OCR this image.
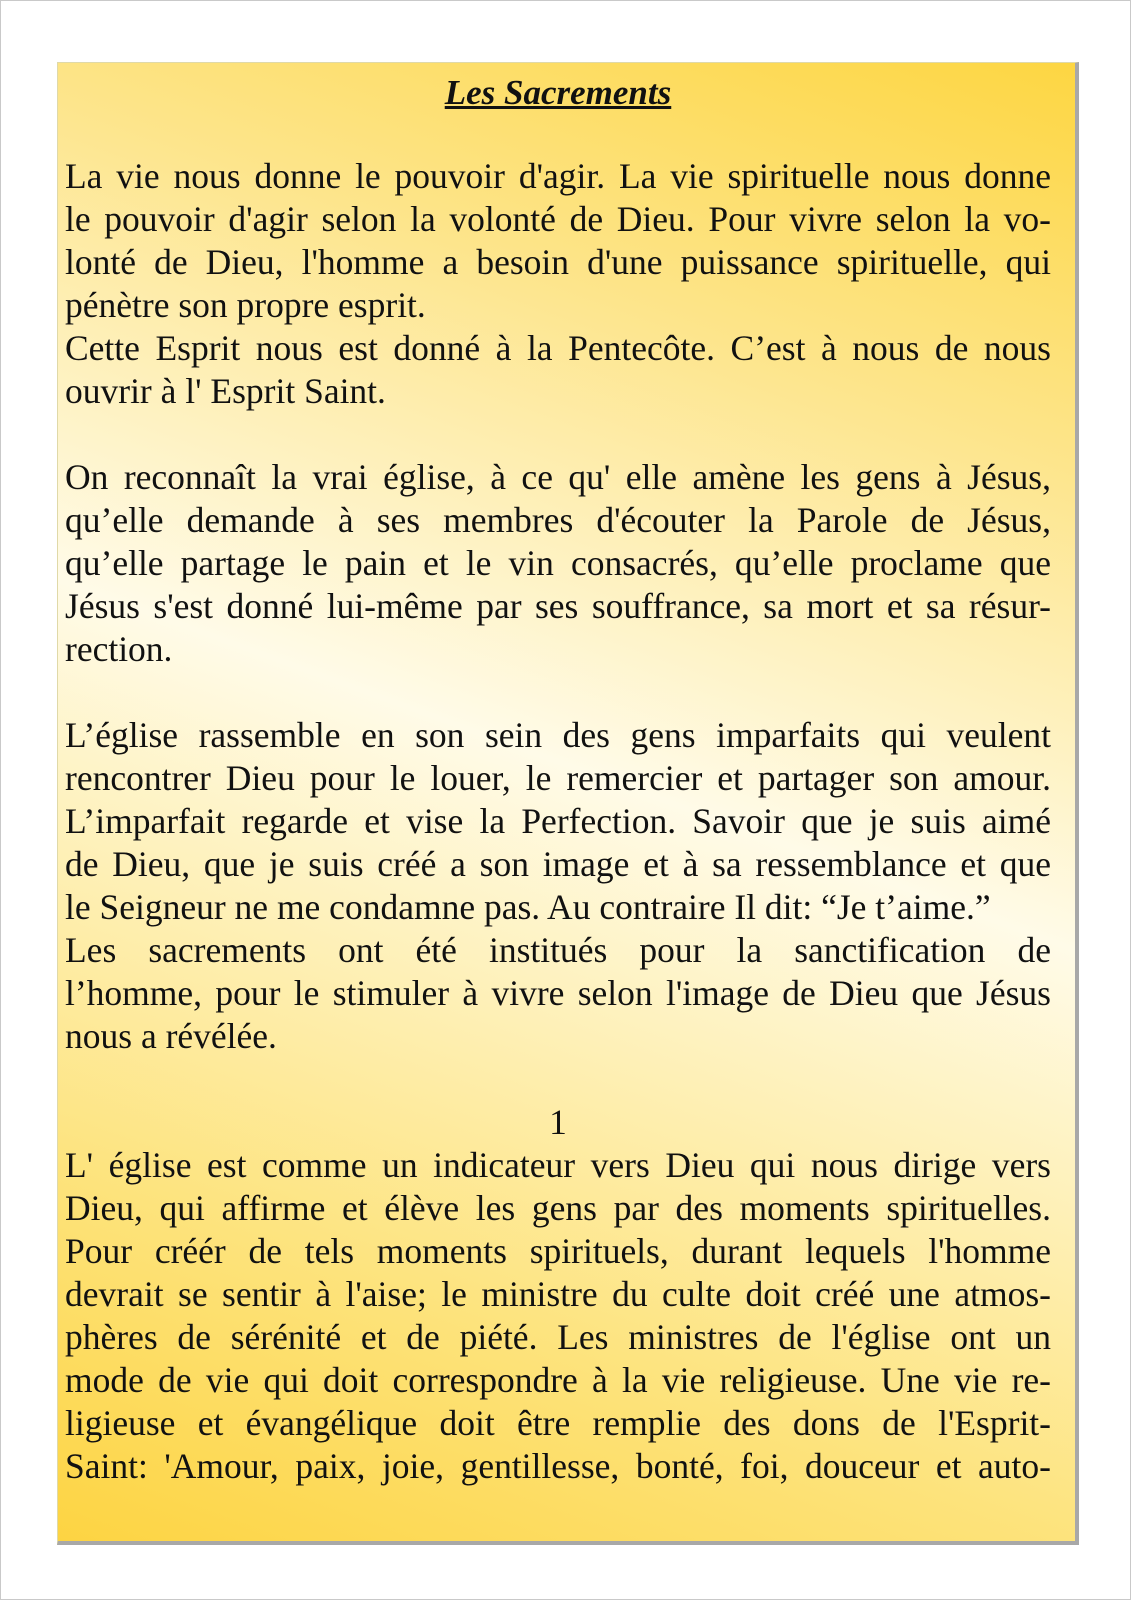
Les Sacrements
La vie nous donne le pouvoir d'agir. La vie spirituelle nous donne
le pouvoir d'agir selon la volonté de Dieu. Pour vivre selon la vo-
lonté de Dieu, l'homme a besoin d'une puissance spirituelle, qui
pénètre son propre esprit.
Cette Esprit nous est donné à la Pentecôte. C’est à nous de nous
ouvrir à l' Esprit Saint.
On reconnaît la vrai église, à ce qu' elle amène les gens à Jésus,
qu’elle demande à ses membres d'écouter la Parole de Jésus,
qu’elle partage le pain et le vin consacrés, qu’elle proclame que
Jésus s'est donné lui-même par ses souffrance, sa mort et sa résur-
rection.
L’église rassemble en son sein des gens imparfaits qui veulent
rencontrer Dieu pour le louer, le remercier et partager son amour.
L’imparfait regarde et vise la Perfection. Savoir que je suis aimé
de Dieu, que je suis créé a son image et à sa ressemblance et que
le Seigneur ne me condamne pas. Au contraire Il dit: “Je t’aime.”
Les sacrements ont été institués pour la sanctification de
l’homme, pour le stimuler à vivre selon l'image de Dieu que Jésus
nous a révélée.
1
L' église est comme un indicateur vers Dieu qui nous dirige vers
Dieu, qui affirme et élève les gens par des moments spirituelles.
Pour créér de tels moments spirituels, durant lequels l'homme
devrait se sentir à l'aise; le ministre du culte doit créé une atmos-
phères de sérénité et de piété. Les ministres de l'église ont un
mode de vie qui doit correspondre à la vie religieuse. Une vie re-
ligieuse et évangélique doit être remplie des dons de l'Esprit-
Saint: 'Amour, paix, joie, gentillesse, bonté, foi, douceur et auto-
